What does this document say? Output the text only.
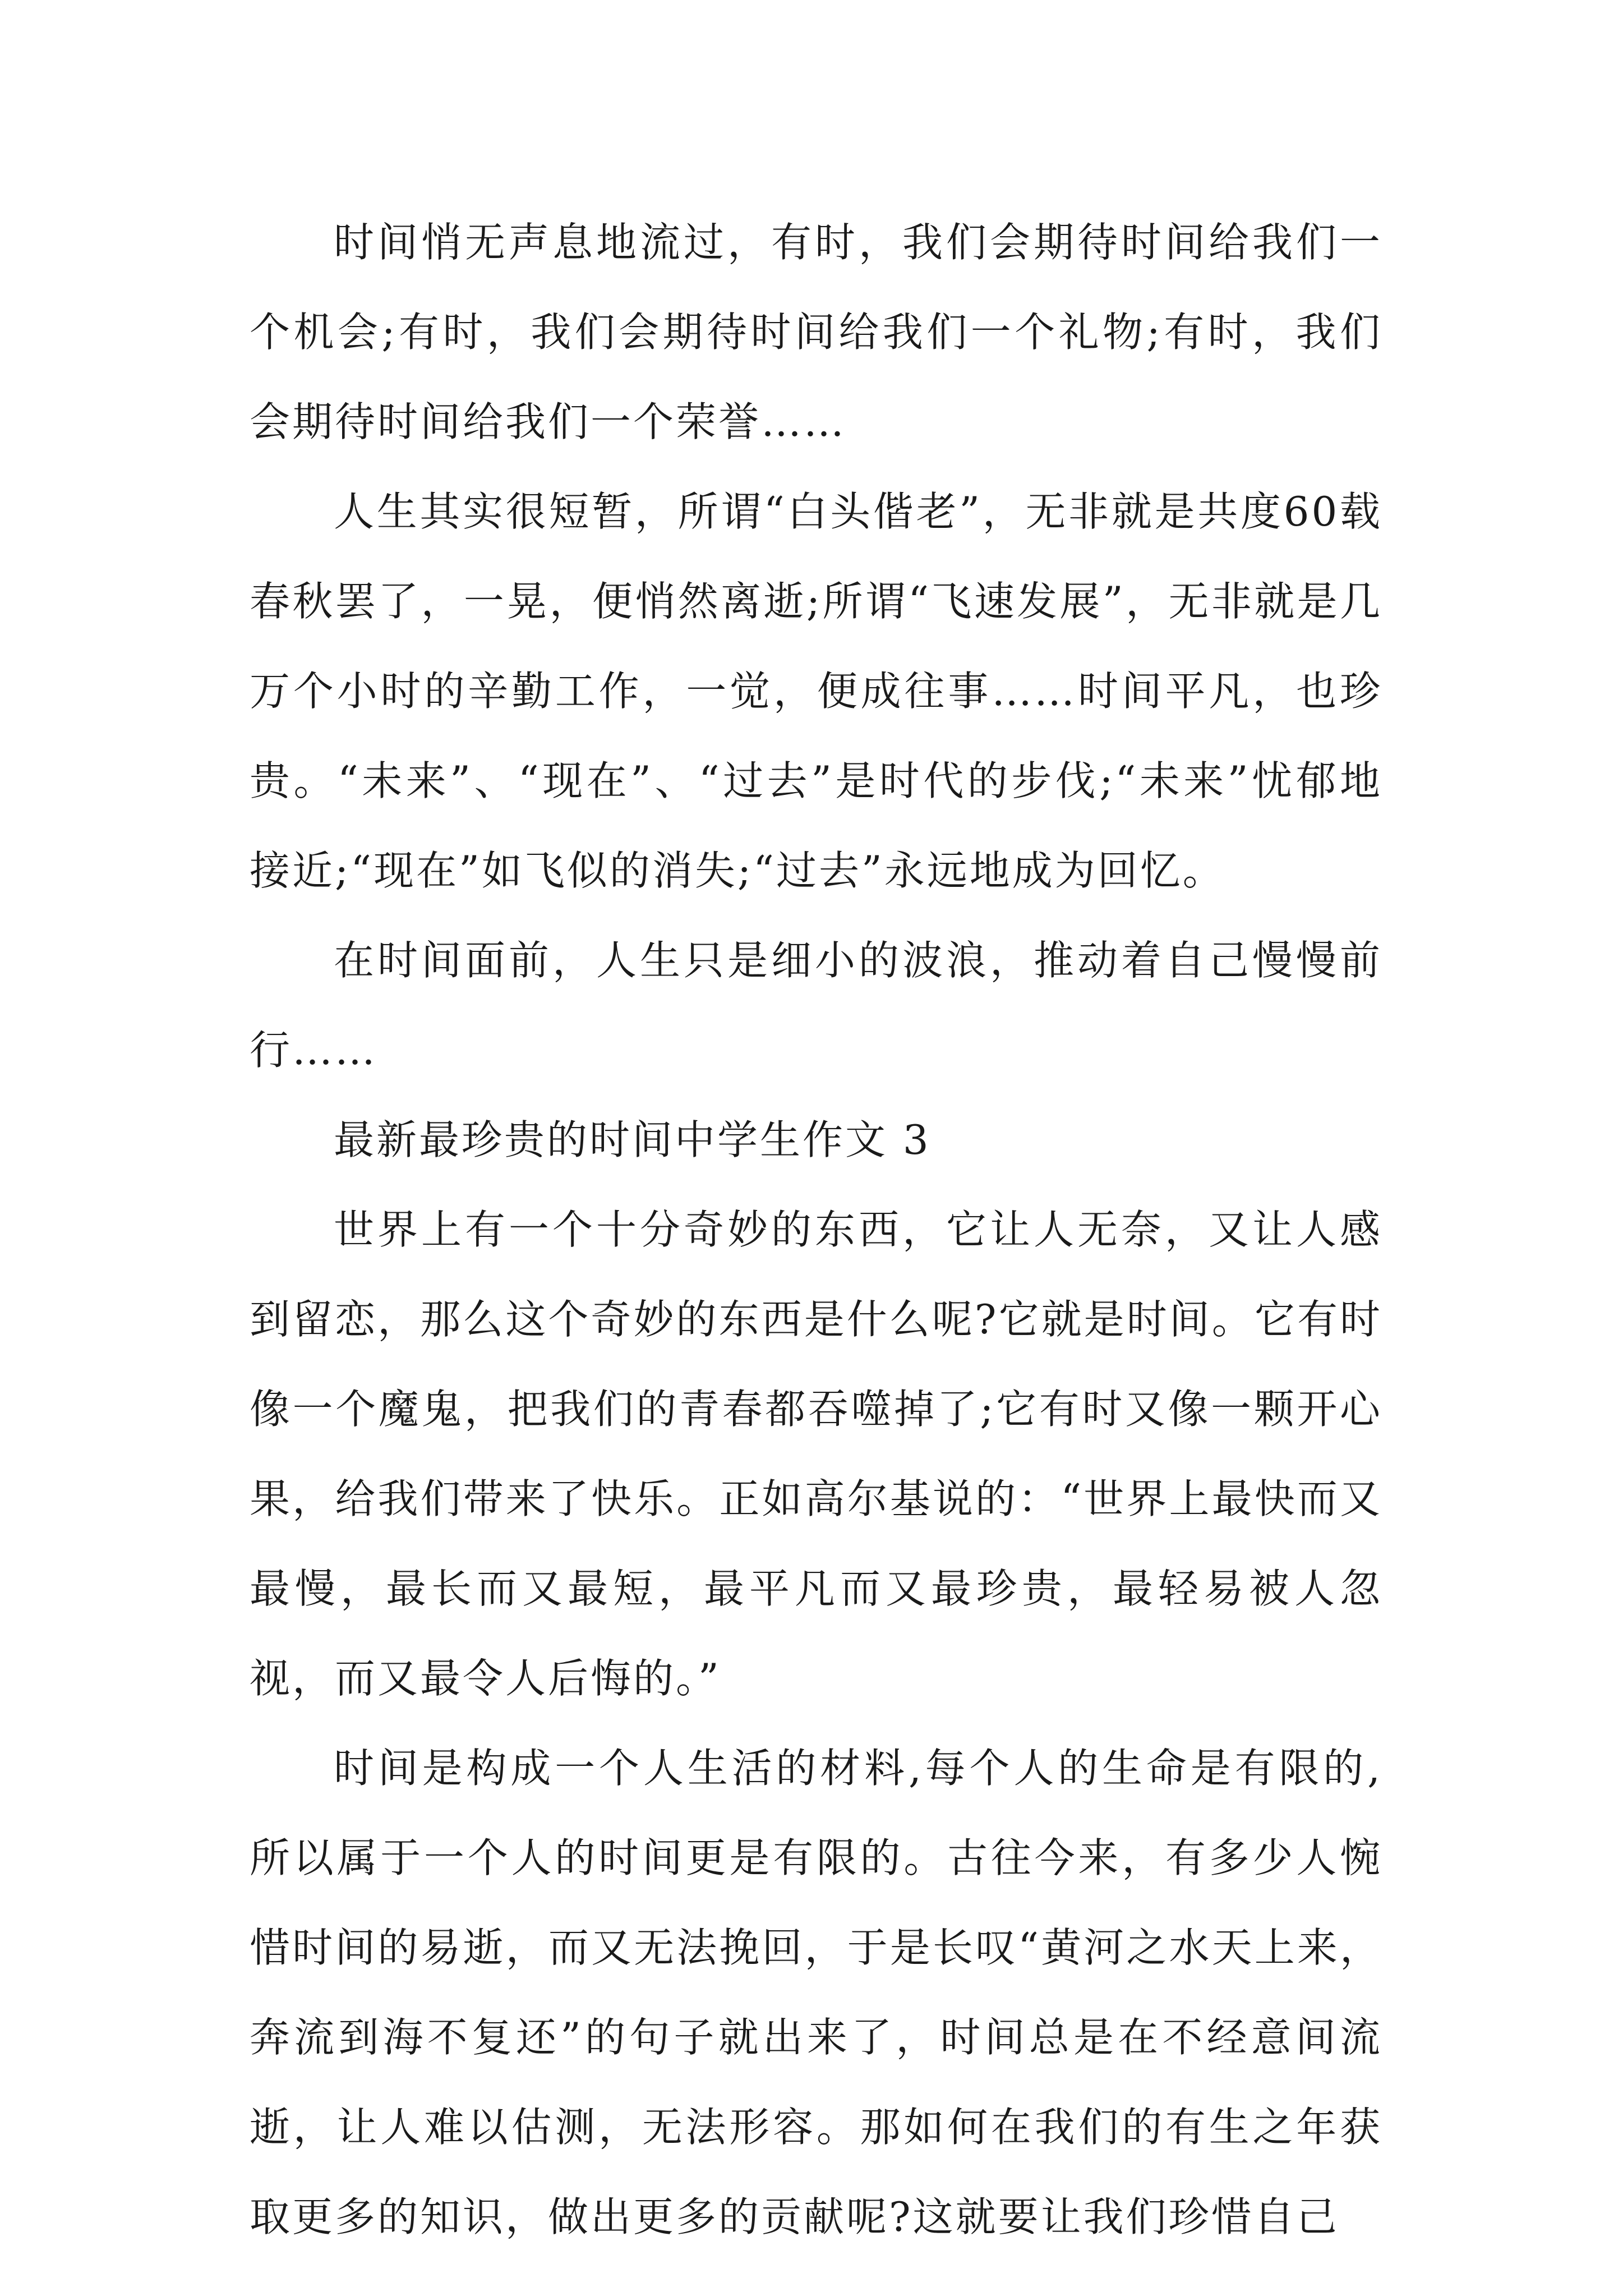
时间悄无声息地流过，有时，我们会期待时间给我们一个机会;有时，我们会期待时间给我们一个礼物;有时，我们会期待时间给我们一个荣誉……

人生其实很短暂，所谓“白头偕老”，无非就是共度60载春秋罢了，一晃，便悄然离逝;所谓“飞速发展”，无非就是几万个小时的辛勤工作，一觉，便成往事……时间平凡，也珍贵。“未来”、“现在”、“过去”是时代的步伐;“未来”忧郁地接近;“现在”如飞似的消失;“过去”永远地成为回忆。

在时间面前，人生只是细小的波浪，推动着自己慢慢前行……

最新最珍贵的时间中学生作文 3

世界上有一个十分奇妙的东西，它让人无奈，又让人感到留恋，那么这个奇妙的东西是什么呢?它就是时间。它有时像一个魔鬼，把我们的青春都吞噬掉了;它有时又像一颗开心果，给我们带来了快乐。正如高尔基说的：“世界上最快而又最慢，最长而又最短，最平凡而又最珍贵，最轻易被人忽视，而又最令人后悔的。”

时间是构成一个人生活的材料,每个人的生命是有限的,所以属于一个人的时间更是有限的。古往今来，有多少人惋惜时间的易逝，而又无法挽回，于是长叹“黄河之水天上来，奔流到海不复还”的句子就出来了，时间总是在不经意间流逝，让人难以估测，无法形容。那如何在我们的有生之年获取更多的知识，做出更多的贡献呢?这就要让我们珍惜自己
